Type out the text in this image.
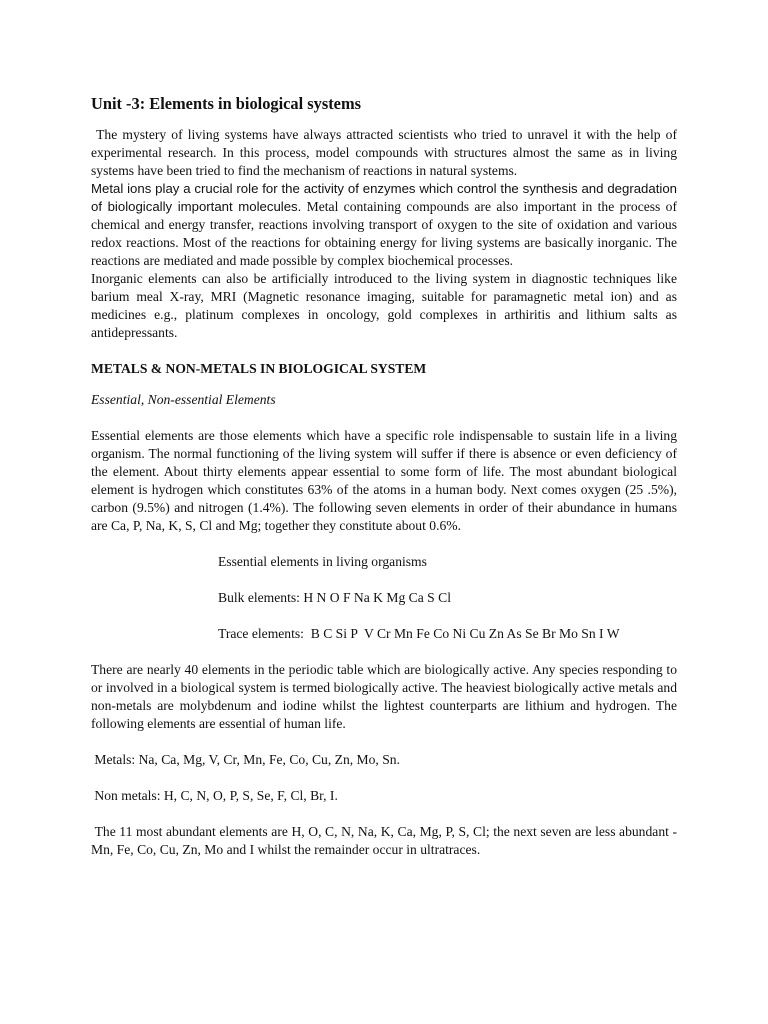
Unit -3: Elements in biological systems

The mystery of living systems have always attracted scientists who tried to unravel it with the help of experimental research. In this process, model compounds with structures almost the same as in living systems have been tried to find the mechanism of reactions in natural systems.

Metal ions play a crucial role for the activity of enzymes which control the synthesis and degradation of biologically important molecules. Metal containing compounds are also important in the process of chemical and energy transfer, reactions involving transport of oxygen to the site of oxidation and various redox reactions. Most of the reactions for obtaining energy for living systems are basically inorganic. The reactions are mediated and made possible by complex biochemical processes.

Inorganic elements can also be artificially introduced to the living system in diagnostic techniques like barium meal X-ray, MRI (Magnetic resonance imaging, suitable for paramagnetic metal ion) and as medicines e.g., platinum complexes in oncology, gold complexes in arthiritis and lithium salts as antidepressants.

METALS & NON-METALS IN BIOLOGICAL SYSTEM

Essential, Non-essential Elements

Essential elements are those elements which have a specific role indispensable to sustain life in a living organism. The normal functioning of the living system will suffer if there is absence or even deficiency of the element. About thirty elements appear essential to some form of life. The most abundant biological element is hydrogen which constitutes 63% of the atoms in a human body. Next comes oxygen (25 .5%), carbon (9.5%) and nitrogen (1.4%). The following seven elements in order of their abundance in humans are Ca, P, Na, K, S, Cl and Mg; together they constitute about 0.6%.

Essential elements in living organisms

Bulk elements: H N O F Na K Mg Ca S Cl

Trace elements:  B C Si P  V Cr Mn Fe Co Ni Cu Zn As Se Br Mo Sn I W

There are nearly 40 elements in the periodic table which are biologically active. Any species responding to or involved in a biological system is termed biologically active. The heaviest biologically active metals and non-metals are molybdenum and iodine whilst the lightest counterparts are lithium and hydrogen. The following elements are essential of human life.

Metals: Na, Ca, Mg, V, Cr, Mn, Fe, Co, Cu, Zn, Mo, Sn.

Non metals: H, C, N, O, P, S, Se, F, Cl, Br, I.

The 11 most abundant elements are H, O, C, N, Na, K, Ca, Mg, P, S, Cl; the next seven are less abundant - Mn, Fe, Co, Cu, Zn, Mo and I whilst the remainder occur in ultratraces.
